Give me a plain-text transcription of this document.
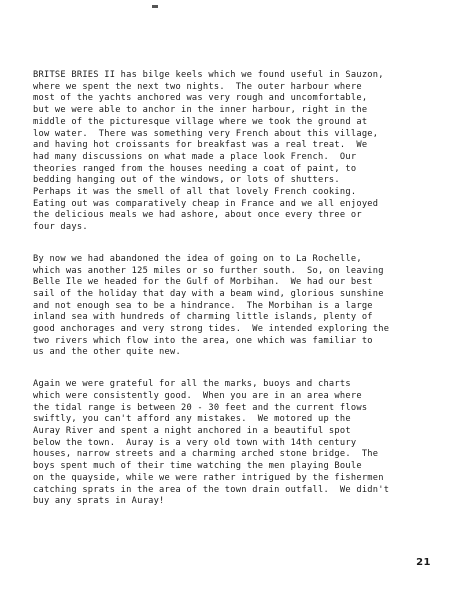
BRITSE BRIES II has bilge keels which we found useful in Sauzon,
where we spent the next two nights.  The outer harbour where
most of the yachts anchored was very rough and uncomfortable,
but we were able to anchor in the inner harbour, right in the
middle of the picturesque village where we took the ground at
low water.  There was something very French about this village,
and having hot croissants for breakfast was a real treat.  We
had many discussions on what made a place look French.  Our
theories ranged from the houses needing a coat of paint, to
bedding hanging out of the windows, or lots of shutters.
Perhaps it was the smell of all that lovely French cooking.
Eating out was comparatively cheap in France and we all enjoyed
the delicious meals we had ashore, about once every three or
four days.

By now we had abandoned the idea of going on to La Rochelle,
which was another 125 miles or so further south.  So, on leaving
Belle Ile we headed for the Gulf of Morbihan.  We had our best
sail of the holiday that day with a beam wind, glorious sunshine
and not enough sea to be a hindrance.  The Morbihan is a large
inland sea with hundreds of charming little islands, plenty of
good anchorages and very strong tides.  We intended exploring the
two rivers which flow into the area, one which was familiar to
us and the other quite new.

Again we were grateful for all the marks, buoys and charts
which were consistently good.  When you are in an area where
the tidal range is between 20 - 30 feet and the current flows
swiftly, you can't afford any mistakes.  We motored up the
Auray River and spent a night anchored in a beautiful spot
below the town.  Auray is a very old town with 14th century
houses, narrow streets and a charming arched stone bridge.  The
boys spent much of their time watching the men playing Boule
on the quayside, while we were rather intrigued by the fishermen
catching sprats in the area of the town drain outfall.  We didn't
buy any sprats in Auray!

21
